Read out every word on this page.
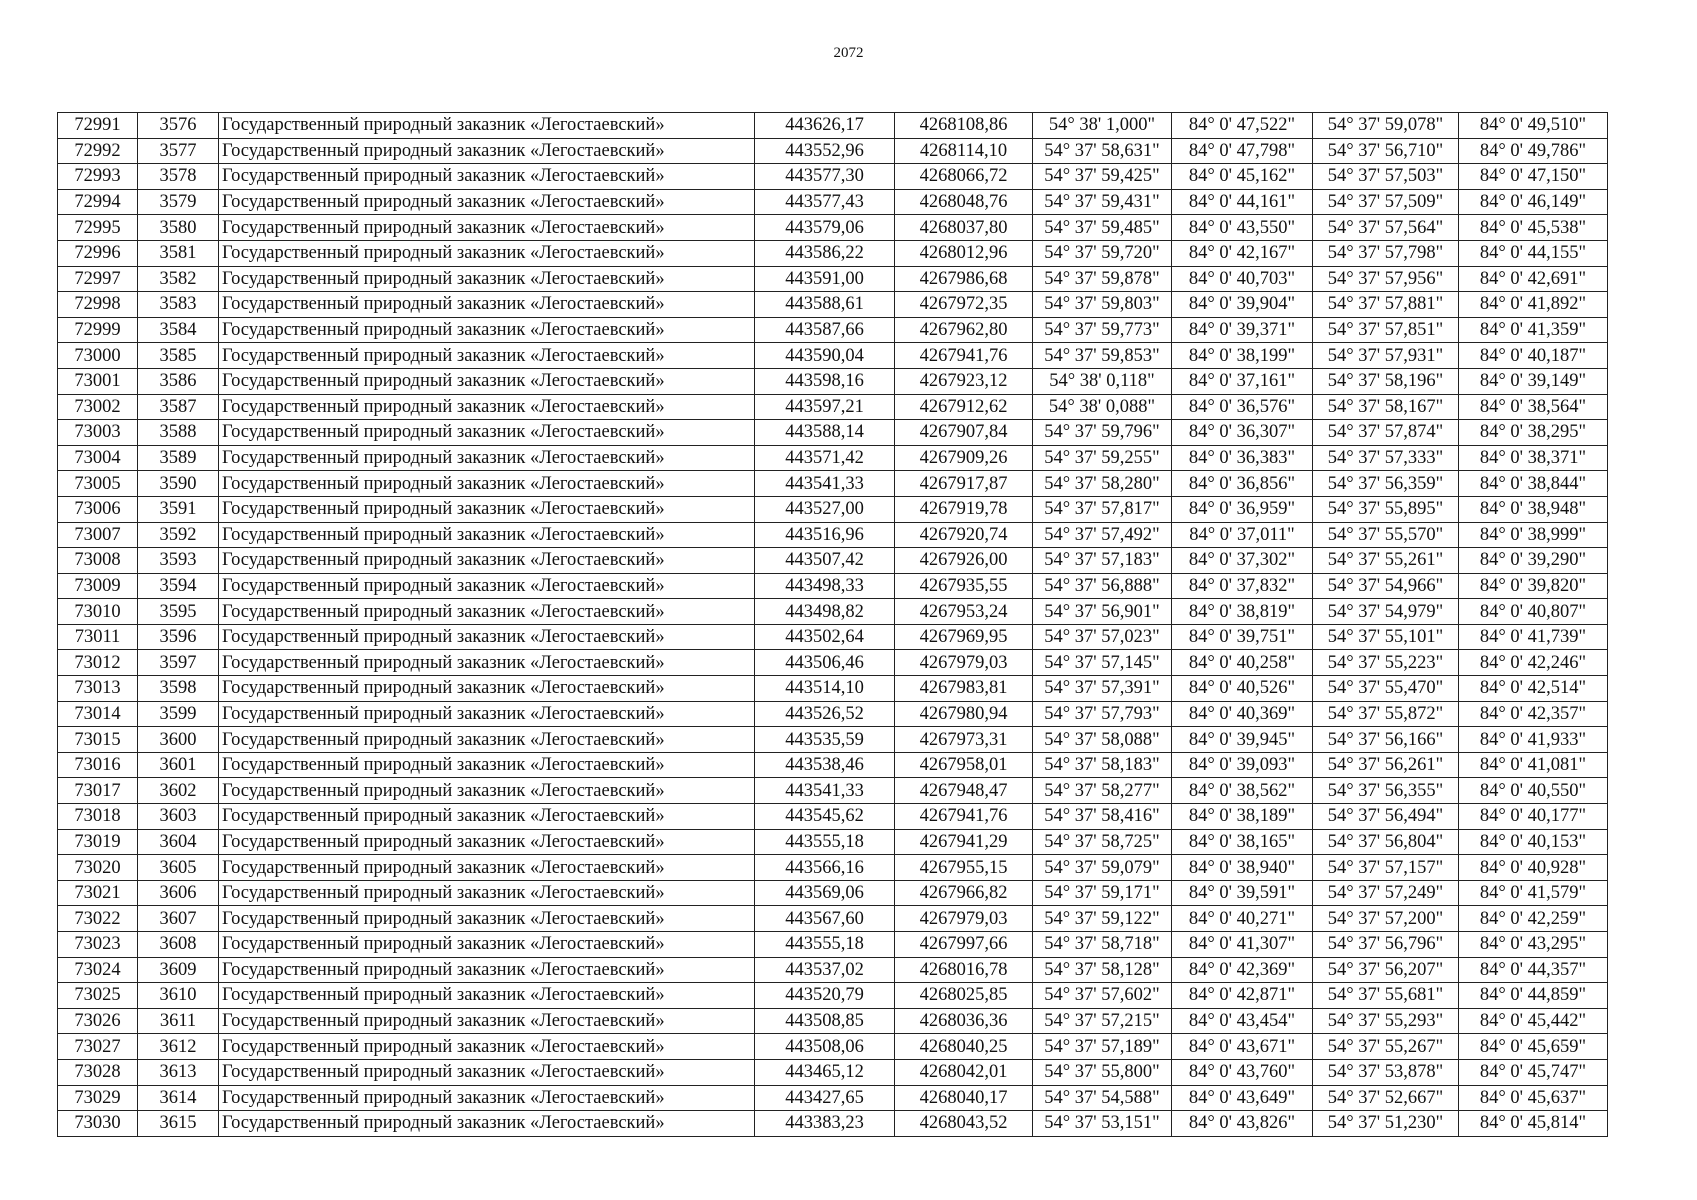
2072
72991	3576	Государственный природный заказник «Легостаевский»	443626,17	4268108,86	54° 38' 1,000"	84° 0' 47,522"	54° 37' 59,078"	84° 0' 49,510"
72992	3577	Государственный природный заказник «Легостаевский»	443552,96	4268114,10	54° 37' 58,631"	84° 0' 47,798"	54° 37' 56,710"	84° 0' 49,786"
72993	3578	Государственный природный заказник «Легостаевский»	443577,30	4268066,72	54° 37' 59,425"	84° 0' 45,162"	54° 37' 57,503"	84° 0' 47,150"
72994	3579	Государственный природный заказник «Легостаевский»	443577,43	4268048,76	54° 37' 59,431"	84° 0' 44,161"	54° 37' 57,509"	84° 0' 46,149"
72995	3580	Государственный природный заказник «Легостаевский»	443579,06	4268037,80	54° 37' 59,485"	84° 0' 43,550"	54° 37' 57,564"	84° 0' 45,538"
72996	3581	Государственный природный заказник «Легостаевский»	443586,22	4268012,96	54° 37' 59,720"	84° 0' 42,167"	54° 37' 57,798"	84° 0' 44,155"
72997	3582	Государственный природный заказник «Легостаевский»	443591,00	4267986,68	54° 37' 59,878"	84° 0' 40,703"	54° 37' 57,956"	84° 0' 42,691"
72998	3583	Государственный природный заказник «Легостаевский»	443588,61	4267972,35	54° 37' 59,803"	84° 0' 39,904"	54° 37' 57,881"	84° 0' 41,892"
72999	3584	Государственный природный заказник «Легостаевский»	443587,66	4267962,80	54° 37' 59,773"	84° 0' 39,371"	54° 37' 57,851"	84° 0' 41,359"
73000	3585	Государственный природный заказник «Легостаевский»	443590,04	4267941,76	54° 37' 59,853"	84° 0' 38,199"	54° 37' 57,931"	84° 0' 40,187"
73001	3586	Государственный природный заказник «Легостаевский»	443598,16	4267923,12	54° 38' 0,118"	84° 0' 37,161"	54° 37' 58,196"	84° 0' 39,149"
73002	3587	Государственный природный заказник «Легостаевский»	443597,21	4267912,62	54° 38' 0,088"	84° 0' 36,576"	54° 37' 58,167"	84° 0' 38,564"
73003	3588	Государственный природный заказник «Легостаевский»	443588,14	4267907,84	54° 37' 59,796"	84° 0' 36,307"	54° 37' 57,874"	84° 0' 38,295"
73004	3589	Государственный природный заказник «Легостаевский»	443571,42	4267909,26	54° 37' 59,255"	84° 0' 36,383"	54° 37' 57,333"	84° 0' 38,371"
73005	3590	Государственный природный заказник «Легостаевский»	443541,33	4267917,87	54° 37' 58,280"	84° 0' 36,856"	54° 37' 56,359"	84° 0' 38,844"
73006	3591	Государственный природный заказник «Легостаевский»	443527,00	4267919,78	54° 37' 57,817"	84° 0' 36,959"	54° 37' 55,895"	84° 0' 38,948"
73007	3592	Государственный природный заказник «Легостаевский»	443516,96	4267920,74	54° 37' 57,492"	84° 0' 37,011"	54° 37' 55,570"	84° 0' 38,999"
73008	3593	Государственный природный заказник «Легостаевский»	443507,42	4267926,00	54° 37' 57,183"	84° 0' 37,302"	54° 37' 55,261"	84° 0' 39,290"
73009	3594	Государственный природный заказник «Легостаевский»	443498,33	4267935,55	54° 37' 56,888"	84° 0' 37,832"	54° 37' 54,966"	84° 0' 39,820"
73010	3595	Государственный природный заказник «Легостаевский»	443498,82	4267953,24	54° 37' 56,901"	84° 0' 38,819"	54° 37' 54,979"	84° 0' 40,807"
73011	3596	Государственный природный заказник «Легостаевский»	443502,64	4267969,95	54° 37' 57,023"	84° 0' 39,751"	54° 37' 55,101"	84° 0' 41,739"
73012	3597	Государственный природный заказник «Легостаевский»	443506,46	4267979,03	54° 37' 57,145"	84° 0' 40,258"	54° 37' 55,223"	84° 0' 42,246"
73013	3598	Государственный природный заказник «Легостаевский»	443514,10	4267983,81	54° 37' 57,391"	84° 0' 40,526"	54° 37' 55,470"	84° 0' 42,514"
73014	3599	Государственный природный заказник «Легостаевский»	443526,52	4267980,94	54° 37' 57,793"	84° 0' 40,369"	54° 37' 55,872"	84° 0' 42,357"
73015	3600	Государственный природный заказник «Легостаевский»	443535,59	4267973,31	54° 37' 58,088"	84° 0' 39,945"	54° 37' 56,166"	84° 0' 41,933"
73016	3601	Государственный природный заказник «Легостаевский»	443538,46	4267958,01	54° 37' 58,183"	84° 0' 39,093"	54° 37' 56,261"	84° 0' 41,081"
73017	3602	Государственный природный заказник «Легостаевский»	443541,33	4267948,47	54° 37' 58,277"	84° 0' 38,562"	54° 37' 56,355"	84° 0' 40,550"
73018	3603	Государственный природный заказник «Легостаевский»	443545,62	4267941,76	54° 37' 58,416"	84° 0' 38,189"	54° 37' 56,494"	84° 0' 40,177"
73019	3604	Государственный природный заказник «Легостаевский»	443555,18	4267941,29	54° 37' 58,725"	84° 0' 38,165"	54° 37' 56,804"	84° 0' 40,153"
73020	3605	Государственный природный заказник «Легостаевский»	443566,16	4267955,15	54° 37' 59,079"	84° 0' 38,940"	54° 37' 57,157"	84° 0' 40,928"
73021	3606	Государственный природный заказник «Легостаевский»	443569,06	4267966,82	54° 37' 59,171"	84° 0' 39,591"	54° 37' 57,249"	84° 0' 41,579"
73022	3607	Государственный природный заказник «Легостаевский»	443567,60	4267979,03	54° 37' 59,122"	84° 0' 40,271"	54° 37' 57,200"	84° 0' 42,259"
73023	3608	Государственный природный заказник «Легостаевский»	443555,18	4267997,66	54° 37' 58,718"	84° 0' 41,307"	54° 37' 56,796"	84° 0' 43,295"
73024	3609	Государственный природный заказник «Легостаевский»	443537,02	4268016,78	54° 37' 58,128"	84° 0' 42,369"	54° 37' 56,207"	84° 0' 44,357"
73025	3610	Государственный природный заказник «Легостаевский»	443520,79	4268025,85	54° 37' 57,602"	84° 0' 42,871"	54° 37' 55,681"	84° 0' 44,859"
73026	3611	Государственный природный заказник «Легостаевский»	443508,85	4268036,36	54° 37' 57,215"	84° 0' 43,454"	54° 37' 55,293"	84° 0' 45,442"
73027	3612	Государственный природный заказник «Легостаевский»	443508,06	4268040,25	54° 37' 57,189"	84° 0' 43,671"	54° 37' 55,267"	84° 0' 45,659"
73028	3613	Государственный природный заказник «Легостаевский»	443465,12	4268042,01	54° 37' 55,800"	84° 0' 43,760"	54° 37' 53,878"	84° 0' 45,747"
73029	3614	Государственный природный заказник «Легостаевский»	443427,65	4268040,17	54° 37' 54,588"	84° 0' 43,649"	54° 37' 52,667"	84° 0' 45,637"
73030	3615	Государственный природный заказник «Легостаевский»	443383,23	4268043,52	54° 37' 53,151"	84° 0' 43,826"	54° 37' 51,230"	84° 0' 45,814"
